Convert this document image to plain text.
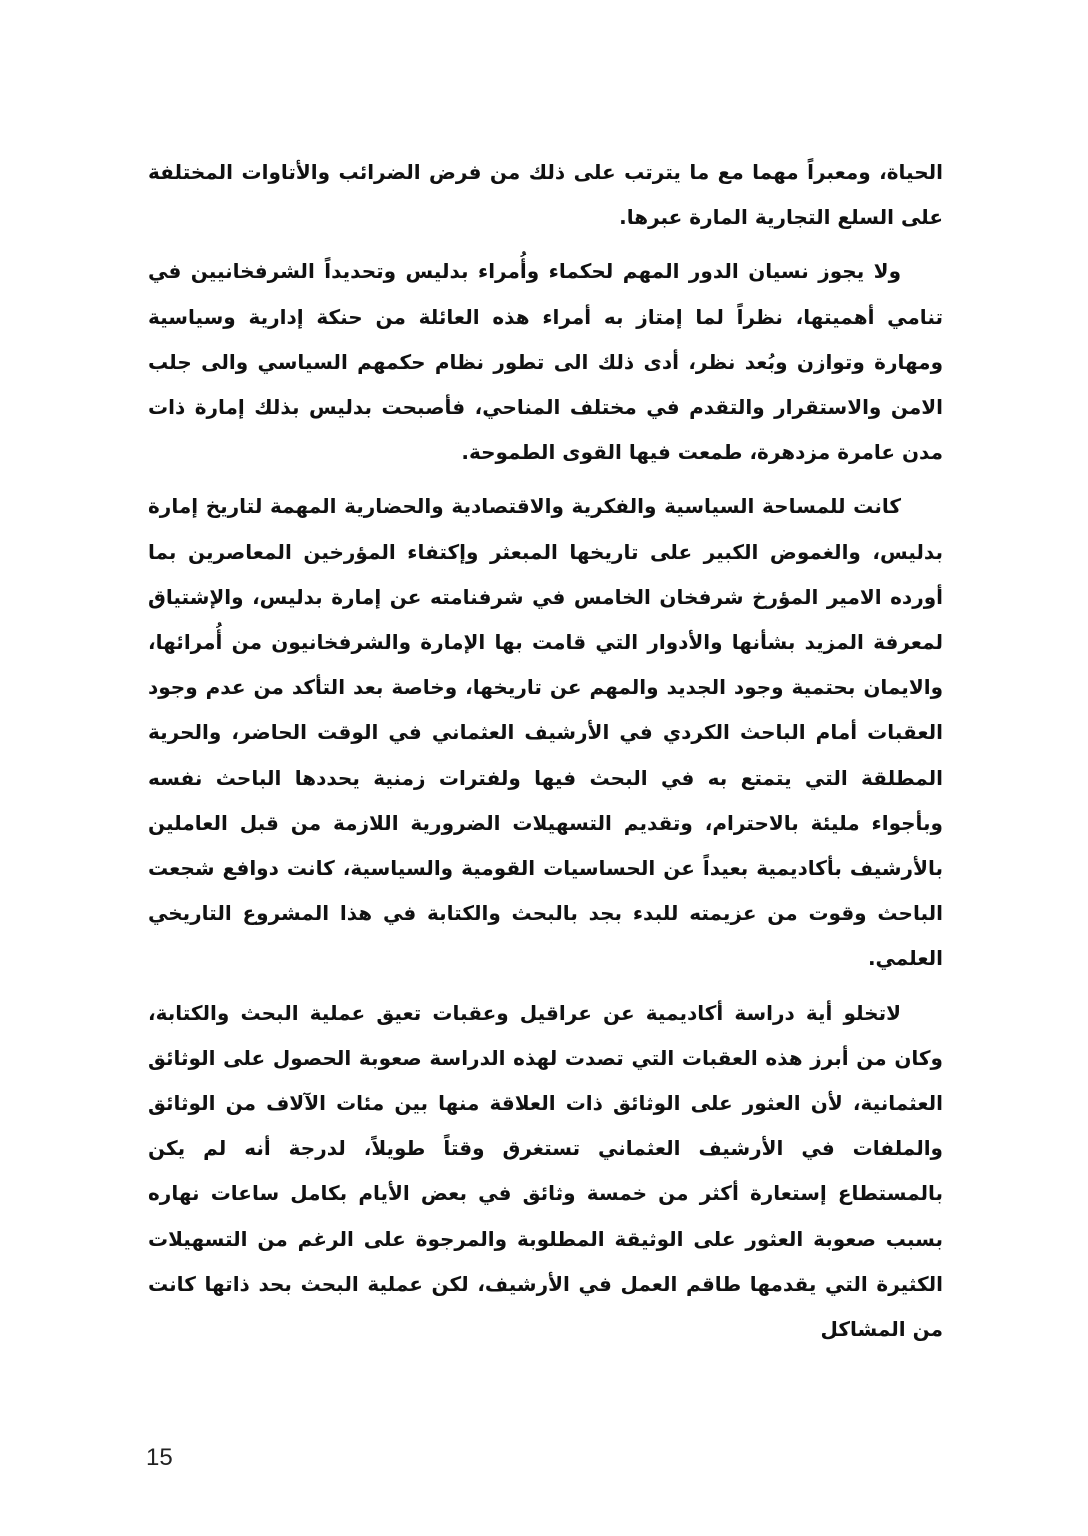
الحياة، ومعبراً مهما مع ما يترتب على ذلك من فرض الضرائب والأتاوات المختلفة على السلع التجارية المارة عبرها.

ولا يجوز نسيان الدور المهم لحكماء وأُمراء بدليس وتحديداً الشرفخانيين في تنامي أهميتها، نظراً لما إمتاز به أمراء هذه العائلة من حنكة إدارية وسياسية ومهارة وتوازن وبُعد نظر، أدى ذلك الى تطور نظام حكمهم السياسي والى جلب الامن والاستقرار والتقدم في مختلف المناحي، فأصبحت بدليس بذلك إمارة ذات مدن عامرة مزدهرة، طمعت فيها القوى الطموحة.

كانت للمساحة السياسية والفكرية والاقتصادية والحضارية المهمة لتاريخ إمارة بدليس، والغموض الكبير على تاريخها المبعثر وإكتفاء المؤرخين المعاصرين بما أورده الامير المؤرخ شرفخان الخامس في شرفنامته عن إمارة بدليس، والإشتياق لمعرفة المزيد بشأنها والأدوار التي قامت بها الإمارة والشرفخانيون من أُمرائها، والايمان بحتمية وجود الجديد والمهم عن تاريخها، وخاصة بعد التأكد من عدم وجود العقبات أمام الباحث الكردي في الأرشيف العثماني في الوقت الحاضر، والحرية المطلقة التي يتمتع به في البحث فيها ولفترات زمنية يحددها الباحث نفسه وبأجواء مليئة بالاحترام، وتقديم التسهيلات الضرورية اللازمة من قبل العاملين بالأرشيف بأكاديمية بعيداً عن الحساسيات القومية والسياسية، كانت دوافع شجعت الباحث وقوت من عزيمته للبدء بجد بالبحث والكتابة في هذا المشروع التاريخي العلمي.

لاتخلو أية دراسة أكاديمية عن عراقيل وعقبات تعيق عملية البحث والكتابة، وكان من أبرز هذه العقبات التي تصدت لهذه الدراسة صعوبة الحصول على الوثائق العثمانية، لأن العثور على الوثائق ذات العلاقة منها بين مئات الآلاف من الوثائق والملفات في الأرشيف العثماني تستغرق وقتاً طويلاً، لدرجة أنه لم يكن بالمستطاع إستعارة أكثر من خمسة وثائق في بعض الأيام بكامل ساعات نهاره بسبب صعوبة العثور على الوثيقة المطلوبة والمرجوة على الرغم من التسهيلات الكثيرة التي يقدمها طاقم العمل في الأرشيف، لكن عملية البحث بحد ذاتها كانت من المشاكل

15
